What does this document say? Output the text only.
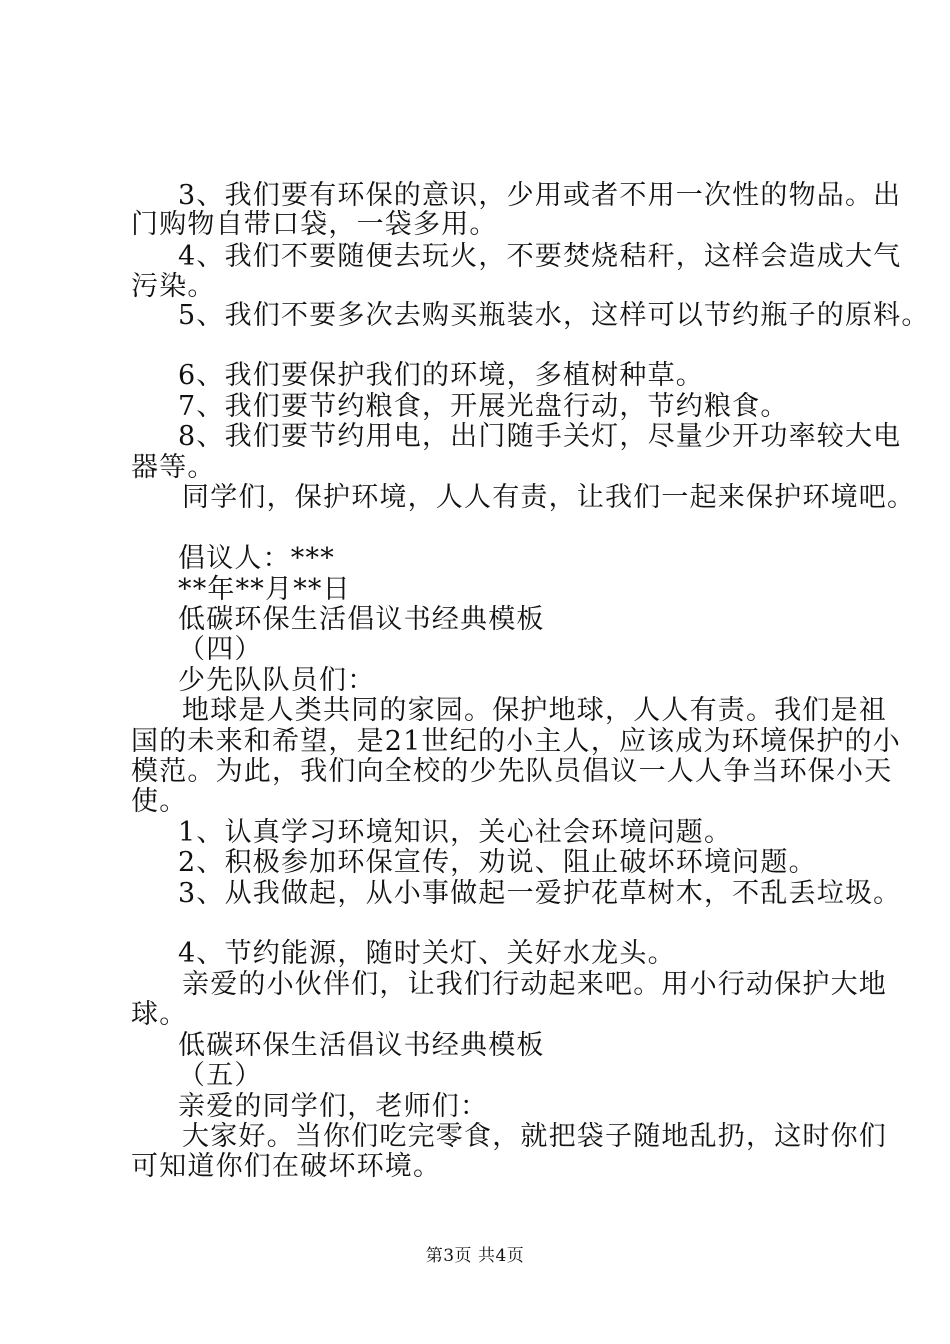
3、我们要有环保的意识，少用或者不用一次性的物品。出
门购物自带口袋，一袋多用。
4、我们不要随便去玩火，不要焚烧秸秆，这样会造成大气
污染。
5、我们不要多次去购买瓶装水，这样可以节约瓶子的原料。
6、我们要保护我们的环境，多植树种草。
7、我们要节约粮食，开展光盘行动，节约粮食。
8、我们要节约用电，出门随手关灯，尽量少开功率较大电
器等。
同学们，保护环境，人人有责，让我们一起来保护环境吧。
倡议人：***
**年**月**日
低碳环保生活倡议书经典模板
（四）
少先队队员们：
地球是人类共同的家园。保护地球，人人有责。我们是祖
国的未来和希望，是21世纪的小主人，应该成为环境保护的小
模范。为此，我们向全校的少先队员倡议一人人争当环保小天
使。
1、认真学习环境知识，关心社会环境问题。
2、积极参加环保宣传，劝说、阻止破坏环境问题。
3、从我做起，从小事做起一爱护花草树木，不乱丢垃圾。
4、节约能源，随时关灯、关好水龙头。
亲爱的小伙伴们，让我们行动起来吧。用小行动保护大地
球。
低碳环保生活倡议书经典模板
（五）
亲爱的同学们，老师们：
大家好。当你们吃完零食，就把袋子随地乱扔，这时你们
可知道你们在破坏环境。
第3页 共4页
